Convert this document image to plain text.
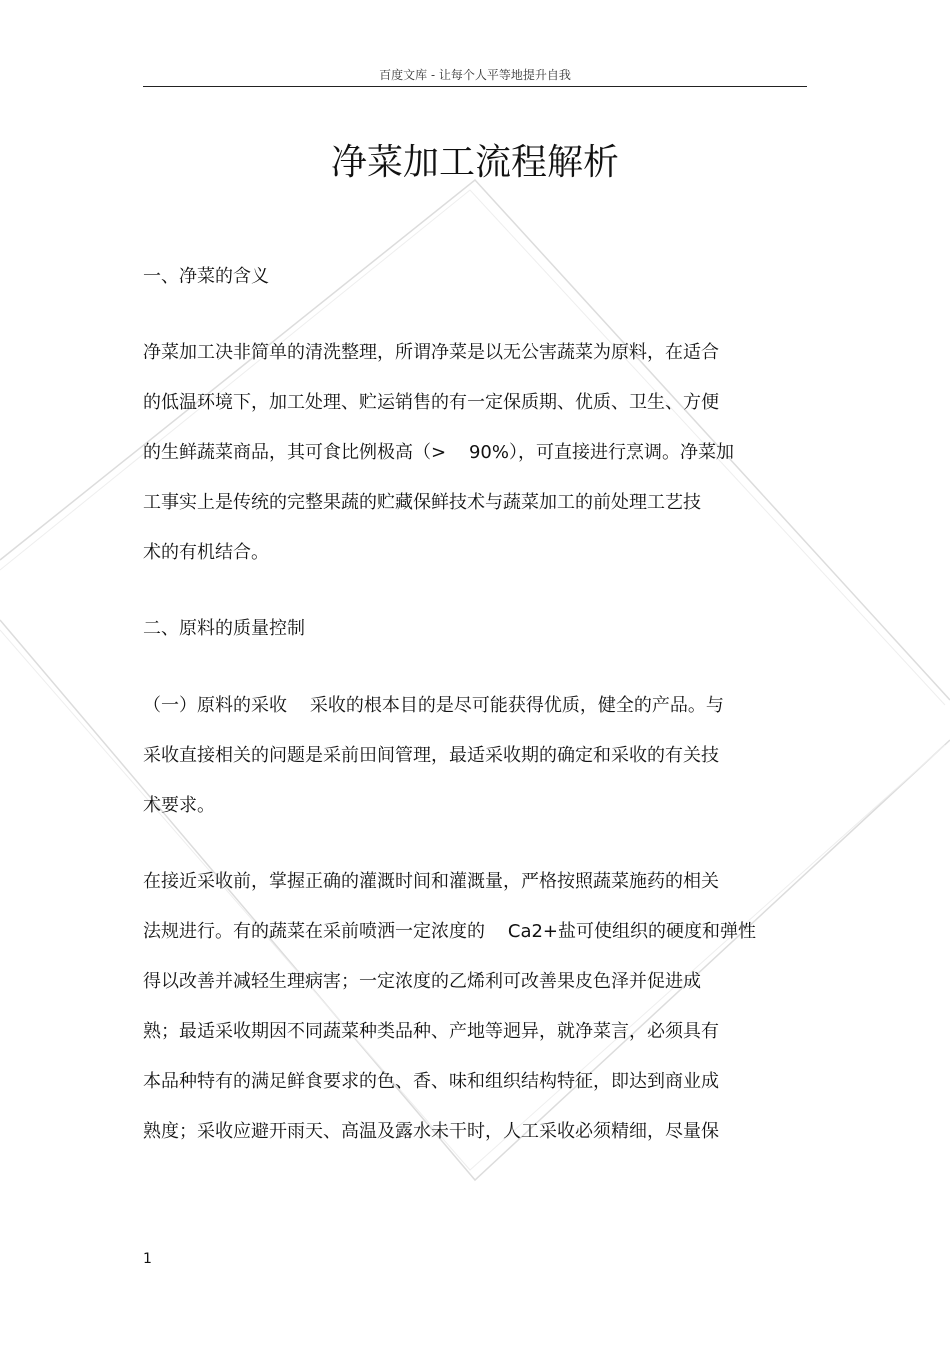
百度文库 - 让每个人平等地提升自我
净菜加工流程解析
一、净菜的含义
净菜加工决非简单的清洗整理，所谓净菜是以无公害蔬菜为原料，在适合
的低温环境下，加工处理、贮运销售的有一定保质期、优质、卫生、方便
的生鲜蔬菜商品，其可食比例极高（>    90%），可直接进行烹调。净菜加
工事实上是传统的完整果蔬的贮藏保鲜技术与蔬菜加工的前处理工艺技
术的有机结合。
二、原料的质量控制
（一）原料的采收    采收的根本目的是尽可能获得优质，健全的产品。与
采收直接相关的问题是采前田间管理，最适采收期的确定和采收的有关技
术要求。
在接近采收前，掌握正确的灌溉时间和灌溉量，严格按照蔬菜施药的相关
法规进行。有的蔬菜在采前喷洒一定浓度的    Ca2+盐可使组织的硬度和弹性
得以改善并减轻生理病害；一定浓度的乙烯利可改善果皮色泽并促进成
熟；最适采收期因不同蔬菜种类品种、产地等迥异，就净菜言，必须具有
本品种特有的满足鲜食要求的色、香、味和组织结构特征，即达到商业成
熟度；采收应避开雨天、高温及露水未干时，人工采收必须精细，尽量保
1
